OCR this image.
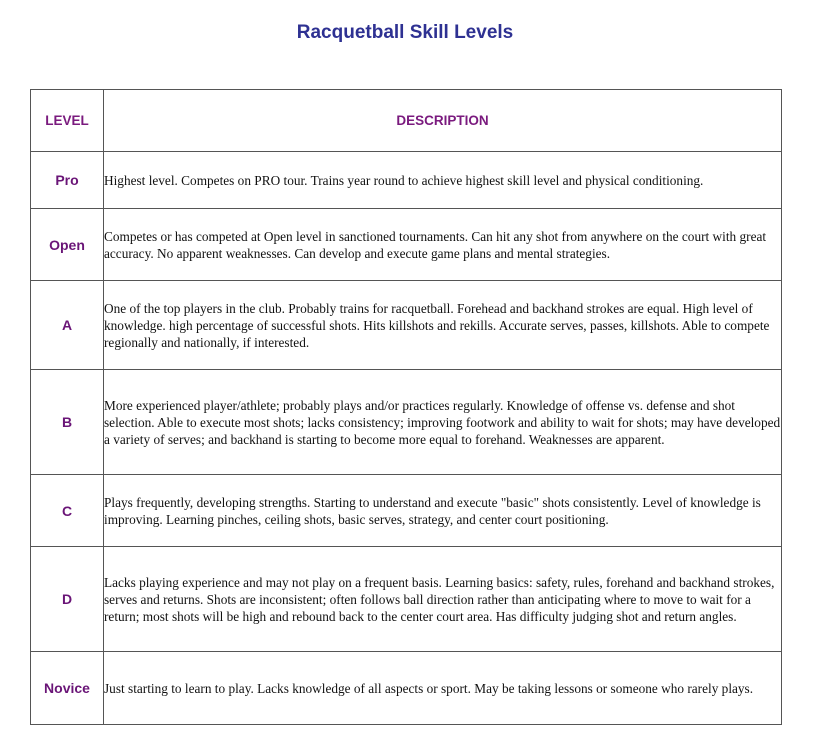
Racquetball Skill Levels
LEVEL	DESCRIPTION
Pro	Highest level. Competes on PRO tour. Trains year round to achieve highest skill level and physical conditioning.
Open	Competes or has competed at Open level in sanctioned tournaments. Can hit any shot from anywhere on the court with great accuracy. No apparent weaknesses. Can develop and execute game plans and mental strategies.
A	One of the top players in the club. Probably trains for racquetball. Forehead and backhand strokes are equal. High level of knowledge. high percentage of successful shots. Hits killshots and rekills. Accurate serves, passes, killshots. Able to compete regionally and nationally, if interested.
B	More experienced player/athlete; probably plays and/or practices regularly. Knowledge of offense vs. defense and shot selection. Able to execute most shots; lacks consistency; improving footwork and ability to wait for shots; may have developed a variety of serves; and backhand is starting to become more equal to forehand. Weaknesses are apparent.
C	Plays frequently, developing strengths. Starting to understand and execute "basic" shots consistently. Level of knowledge is improving. Learning pinches, ceiling shots, basic serves, strategy, and center court positioning.
D	Lacks playing experience and may not play on a frequent basis. Learning basics: safety, rules, forehand and backhand strokes, serves and returns. Shots are inconsistent; often follows ball direction rather than anticipating where to move to wait for a return; most shots will be high and rebound back to the center court area. Has difficulty judging shot and return angles.
Novice	Just starting to learn to play. Lacks knowledge of all aspects or sport. May be taking lessons or someone who rarely plays.
